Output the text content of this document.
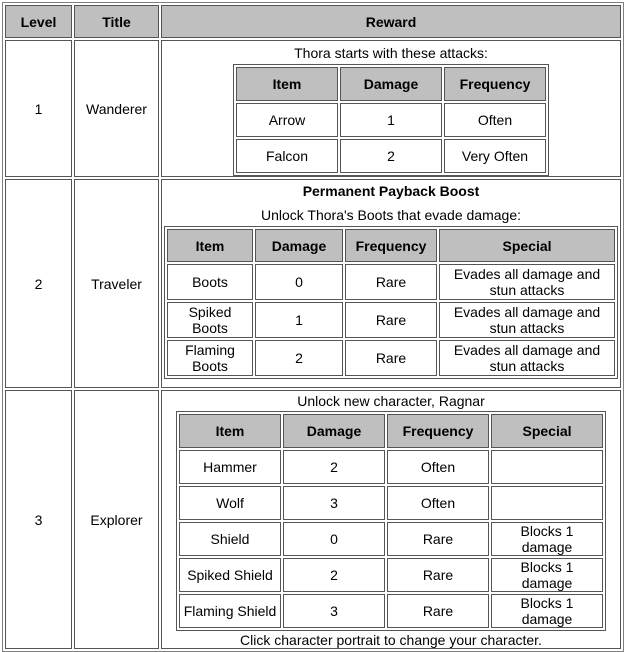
Level	Title	Reward
1	Wanderer	
Thora starts with these attacks:
Item	Damage	Frequency
Arrow	1	Often
Falcon	2	Very Often

2	Traveler	
Permanent Payback Boost
Unlock Thora's Boots that evade damage:
Item	Damage	Frequency	Special
Boots	0	Rare	Evades all damage and stun attacks
Spiked Boots	1	Rare	Evades all damage and stun attacks
Flaming Boots	2	Rare	Evades all damage and stun attacks

3	Explorer	
Unlock new character, Ragnar
Item	Damage	Frequency	Special
Hammer	2	Often	
Wolf	3	Often	
Shield	0	Rare	Blocks 1 damage
Spiked Shield	2	Rare	Blocks 1 damage
Flaming Shield	3	Rare	Blocks 1 damage
Click character portrait to change your character.
